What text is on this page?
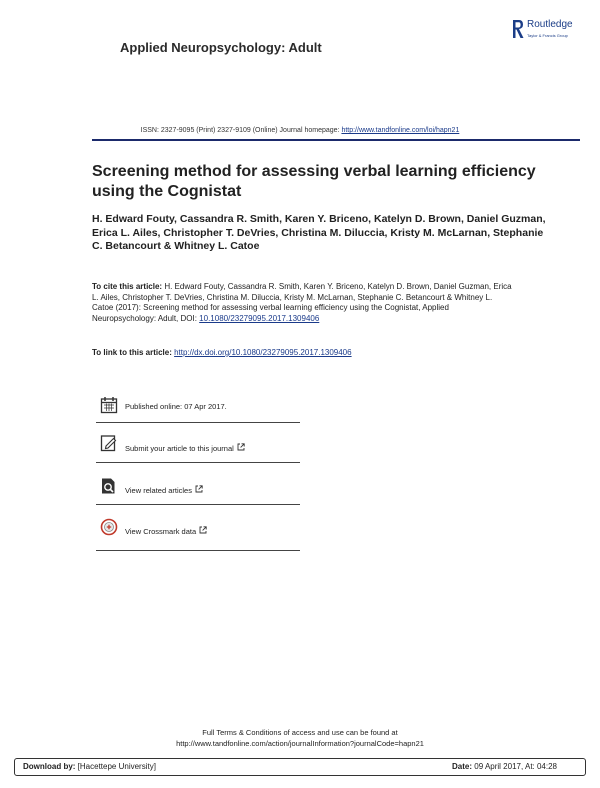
Applied Neuropsychology: Adult
Routledge
Taylor & Francis Group
ISSN: 2327-9095 (Print) 2327-9109 (Online) Journal homepage: http://www.tandfonline.com/loi/hapn21
Screening method for assessing verbal learning efficiency using the Cognistat
H. Edward Fouty, Cassandra R. Smith, Karen Y. Briceno, Katelyn D. Brown, Daniel Guzman, Erica L. Ailes, Christopher T. DeVries, Christina M. Diluccia, Kristy M. McLarnan, Stephanie C. Betancourt & Whitney L. Catoe
To cite this article: H. Edward Fouty, Cassandra R. Smith, Karen Y. Briceno, Katelyn D. Brown, Daniel Guzman, Erica L. Ailes, Christopher T. DeVries, Christina M. Diluccia, Kristy M. McLarnan, Stephanie C. Betancourt & Whitney L. Catoe (2017): Screening method for assessing verbal learning efficiency using the Cognistat, Applied Neuropsychology: Adult, DOI: 10.1080/23279095.2017.1309406
To link to this article: http://dx.doi.org/10.1080/23279095.2017.1309406
Published online: 07 Apr 2017.
Submit your article to this journal
View related articles
View Crossmark data
Full Terms & Conditions of access and use can be found at
http://www.tandfonline.com/action/journalInformation?journalCode=hapn21
Download by: [Hacettepe University]	Date: 09 April 2017, At: 04:28
